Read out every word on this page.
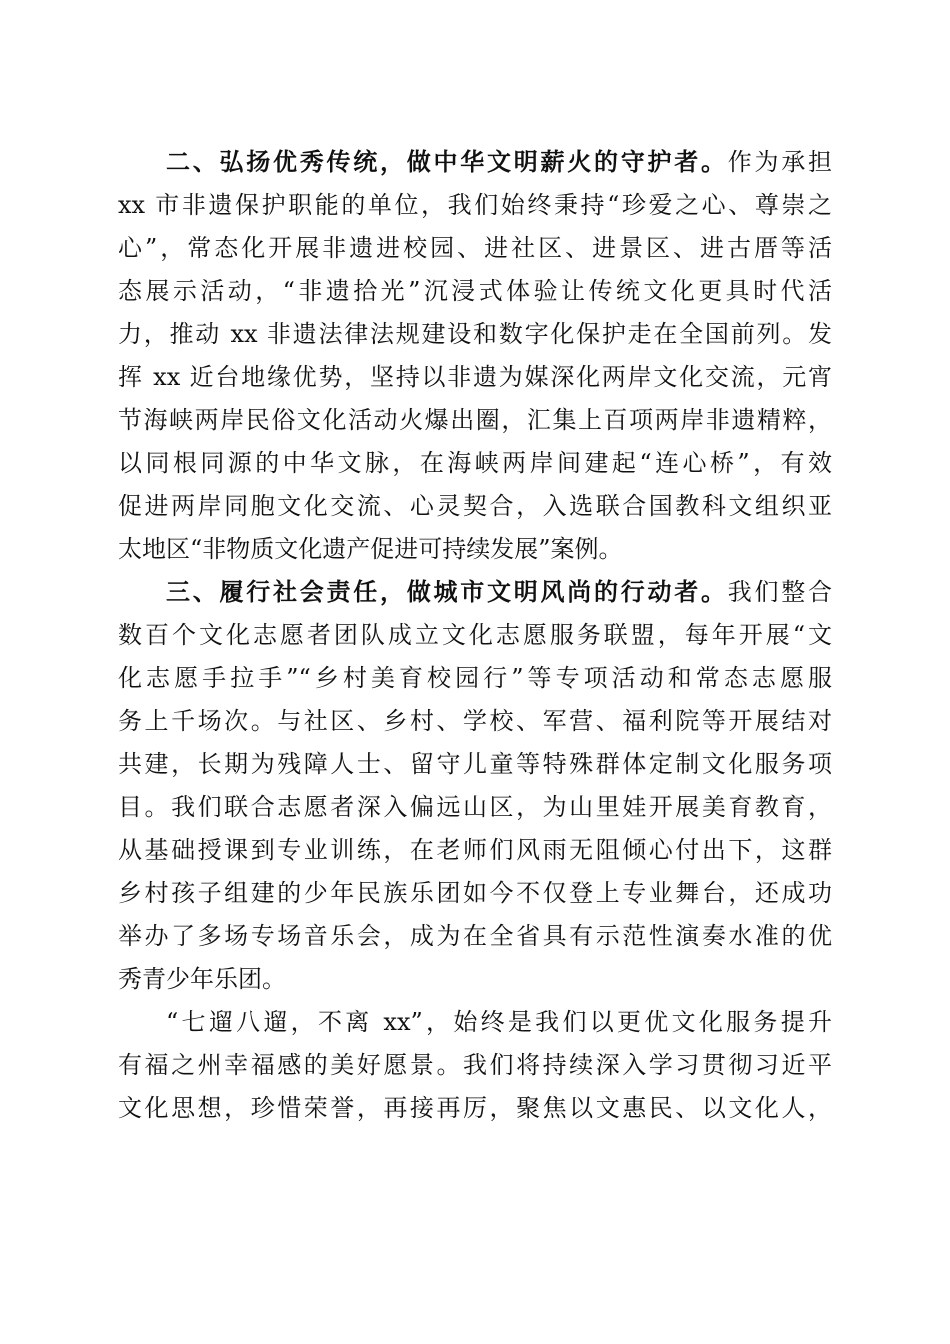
二、弘扬优秀传统，做中华文明薪火的守护者。作为承担
xx 市非遗保护职能的单位，我们始终秉持“珍爱之心、尊崇之
心”，常态化开展非遗进校园、进社区、进景区、进古厝等活
态展示活动，“非遗拾光”沉浸式体验让传统文化更具时代活
力，推动 xx 非遗法律法规建设和数字化保护走在全国前列。发
挥 xx 近台地缘优势，坚持以非遗为媒深化两岸文化交流，元宵
节海峡两岸民俗文化活动火爆出圈，汇集上百项两岸非遗精粹，
以同根同源的中华文脉，在海峡两岸间建起“连心桥”，有效
促进两岸同胞文化交流、心灵契合，入选联合国教科文组织亚
太地区“非物质文化遗产促进可持续发展”案例。
三、履行社会责任，做城市文明风尚的行动者。我们整合
数百个文化志愿者团队成立文化志愿服务联盟，每年开展“文
化志愿手拉手”“乡村美育校园行”等专项活动和常态志愿服
务上千场次。与社区、乡村、学校、军营、福利院等开展结对
共建，长期为残障人士、留守儿童等特殊群体定制文化服务项
目。我们联合志愿者深入偏远山区，为山里娃开展美育教育，
从基础授课到专业训练，在老师们风雨无阻倾心付出下，这群
乡村孩子组建的少年民族乐团如今不仅登上专业舞台，还成功
举办了多场专场音乐会，成为在全省具有示范性演奏水准的优
秀青少年乐团。
“七遛八遛，不离 xx”，始终是我们以更优文化服务提升
有福之州幸福感的美好愿景。我们将持续深入学习贯彻习近平
文化思想，珍惜荣誉，再接再厉，聚焦以文惠民、以文化人，
